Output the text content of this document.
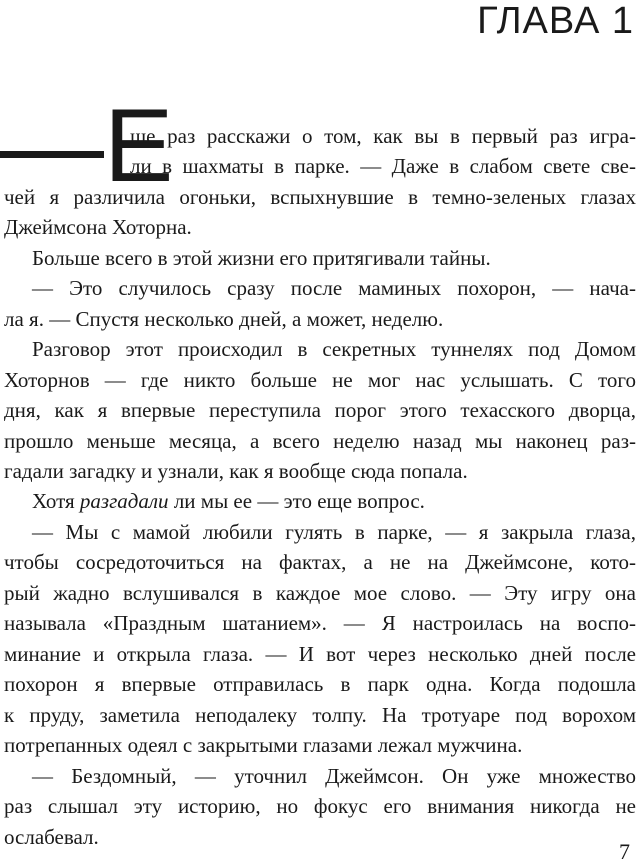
ГЛАВА 1
—Е
ще раз расскажи о том, как вы в первый раз игра-
ли в шахматы в парке. — Даже в слабом свете све-
чей я различила огоньки, вспыхнувшие в темно-зеленых глазах
Джеймсона Хоторна.
Больше всего в этой жизни его притягивали тайны.
— Это случилось сразу после маминых похорон, — нача-
ла я. — Спустя несколько дней, а может, неделю.
Разговор этот происходил в секретных туннелях под Домом
Хоторнов — где никто больше не мог нас услышать. С того
дня, как я впервые переступила порог этого техасского дворца,
прошло меньше месяца, а всего неделю назад мы наконец раз-
гадали загадку и узнали, как я вообще сюда попала.
Хотя разгадали ли мы ее — это еще вопрос.
— Мы с мамой любили гулять в парке, — я закрыла глаза,
чтобы сосредоточиться на фактах, а не на Джеймсоне, кото-
рый жадно вслушивался в каждое мое слово. — Эту игру она
называла «Праздным шатанием». — Я настроилась на воспо-
минание и открыла глаза. — И вот через несколько дней после
похорон я впервые отправилась в парк одна. Когда подошла
к пруду, заметила неподалеку толпу. На тротуаре под ворохом
потрепанных одеял с закрытыми глазами лежал мужчина.
— Бездомный, — уточнил Джеймсон. Он уже множество
раз слышал эту историю, но фокус его внимания никогда не
ослабевал.
7
